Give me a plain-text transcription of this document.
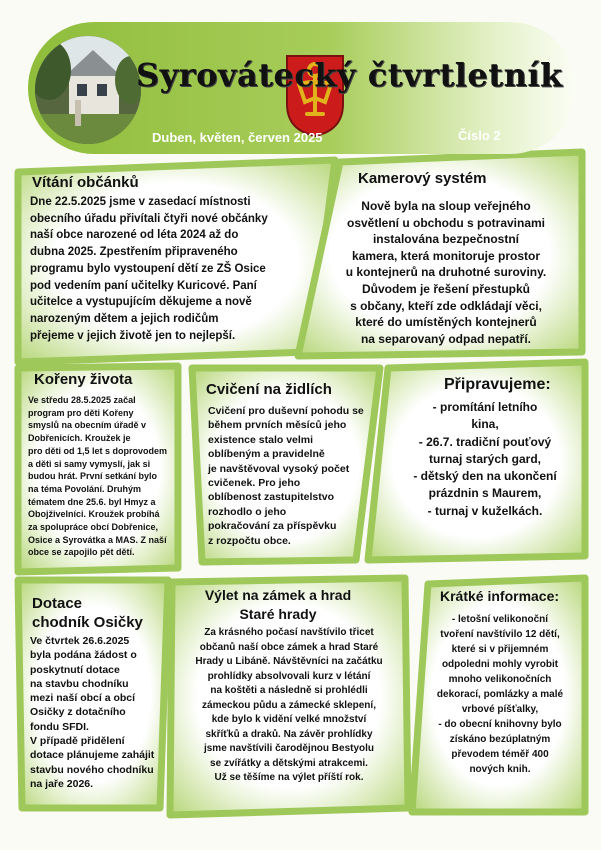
Syrovátecký čtvrtletník
Duben, květen, červen 2025	Číslo 2
Vítání občánků

Dne 22.5.2025 jsme v zasedací místnosti

obecního úřadu přivítali čtyři nové občánky

naší obce narozené od léta 2024 až do

dubna 2025. Zpestřením připraveného

programu bylo vystoupení dětí ze ZŠ Osice

pod vedením paní učitelky Kuricové. Paní

učitelce a vystupujícím děkujeme a nově

narozeným dětem a jejich rodičům

přejeme v jejich životě jen to nejlepší.

Kamerový systém

Nově byla na sloup veřejného

osvětlení u obchodu s potravinami

instalována bezpečnostní

kamera, která monitoruje prostor

u kontejnerů na druhotné suroviny.

Důvodem je řešení přestupků

s občany, kteří zde odkládají věci,

které do umístěných kontejnerů

na separovaný odpad nepatří.

Kořeny života

Ve středu 28.5.2025 začal

program pro děti Kořeny

smyslů na obecním úřadě v

Dobřenicích. Kroužek je

pro děti od 1,5 let s doprovodem

a děti si samy vymyslí, jak si

budou hrát. První setkání bylo

na téma Povolání. Druhým

tématem dne 25.6. byl Hmyz a

Obojživelníci. Kroužek probíhá

za spolupráce obcí Dobřenice,

Osice a Syrovátka a MAS. Z naší

obce se zapojilo pět dětí.

Cvičení na židlích

Cvičení pro duševní pohodu se

během prvních měsíců jeho

existence stalo velmi

oblíbeným a pravidelně

je navštěvoval vysoký počet

cvičenek. Pro jeho

oblíbenost zastupitelstvo

rozhodlo o jeho

pokračování za příspěvku

z rozpočtu obce.

Připravujeme:

- promítání letního

kina,

- 26.7. tradiční pouťový

turnaj starých gard,

- dětský den na ukončení

prázdnin s Maurem,

- turnaj v kuželkách.

Dotace

chodník Osičky

Ve čtvrtek 26.6.2025

byla podána žádost o

poskytnutí dotace

na stavbu chodníku

mezi naší obcí a obcí

Osičky z dotačního

fondu SFDI.

V případě přidělení

dotace plánujeme zahájit

stavbu nového chodníku

na jaře 2026.

Výlet na zámek a hrad

Staré hrady

Za krásného počasí navštívilo třicet

občanů naší obce zámek a hrad Staré

Hrady u Libáně. Návštěvníci na začátku

prohlídky absolvovali kurz v létání

na koštěti a následně si prohlédli

zámeckou půdu a zámecké sklepení,

kde bylo k vidění velké množství

skříťků a draků. Na závěr prohlídky

jsme navštívili čarodějnou Bestyolu

se zvířátky a dětskými atrakcemi.

Už se těšíme na výlet příští rok.

Krátké informace:

- letošní velikonoční

tvoření navštívilo 12 dětí,

které si v přijemném

odpoledni mohly vyrobit

mnoho velikonočních

dekorací, pomlázky a malé

vrbové píšťalky,

- do obecní knihovny bylo

získáno bezúplatným

převodem téměř 400

nových knih.
